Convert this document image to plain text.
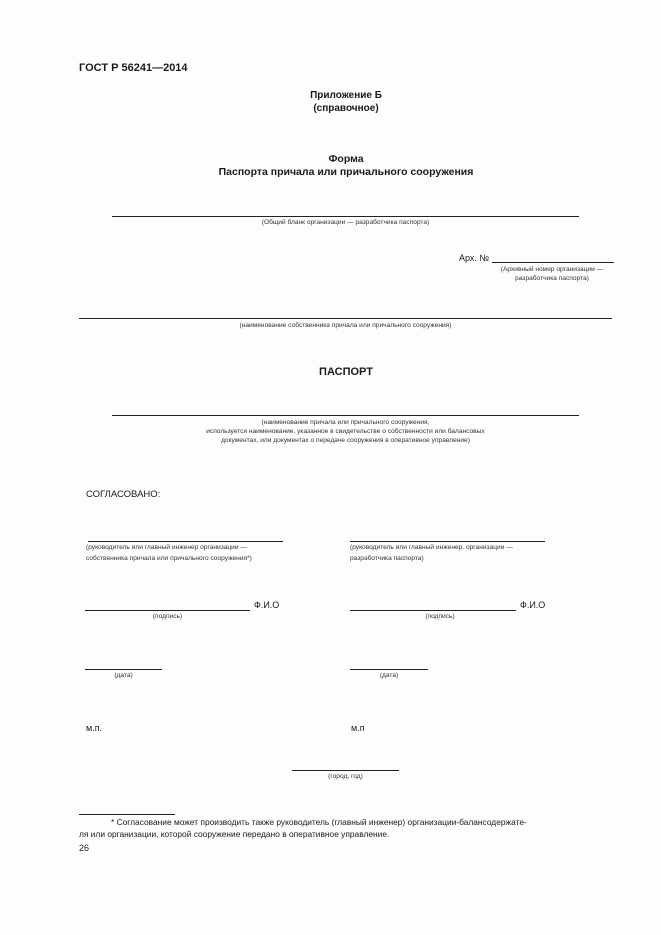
ГОСТ Р 56241—2014
Приложение Б
(справочное)
Форма
Паспорта причала или причального сооружения
(Общий бланк организации — разработчика паспорта)
Арх. №
(Архивный номер организации —
разработчика паспорта)
(наименование собственника причала или причального сооружения)
ПАСПОРТ
(наименование причала или причального сооружения,
используется наименование, указанное в свидетельстве о собственности или балансовых
документах, или документах о передаче сооружения в оперативное управление)
СОГЛАСОВАНО:
(руководитель или главный инженер организации —
собственника причала или причального сооружения*)
Ф.И.О
(подпись)
(дата)
м.п.
(руководитель или главный инженер. организации —
разработчика паспорта)
Ф.И.О
(подпись)
(дата)
м.п
(город, год)
* Согласование может производить также руководитель (главный инженер) организации-балансодержате-
ля или организации, которой сооружение передано в оперативное управление.
26
